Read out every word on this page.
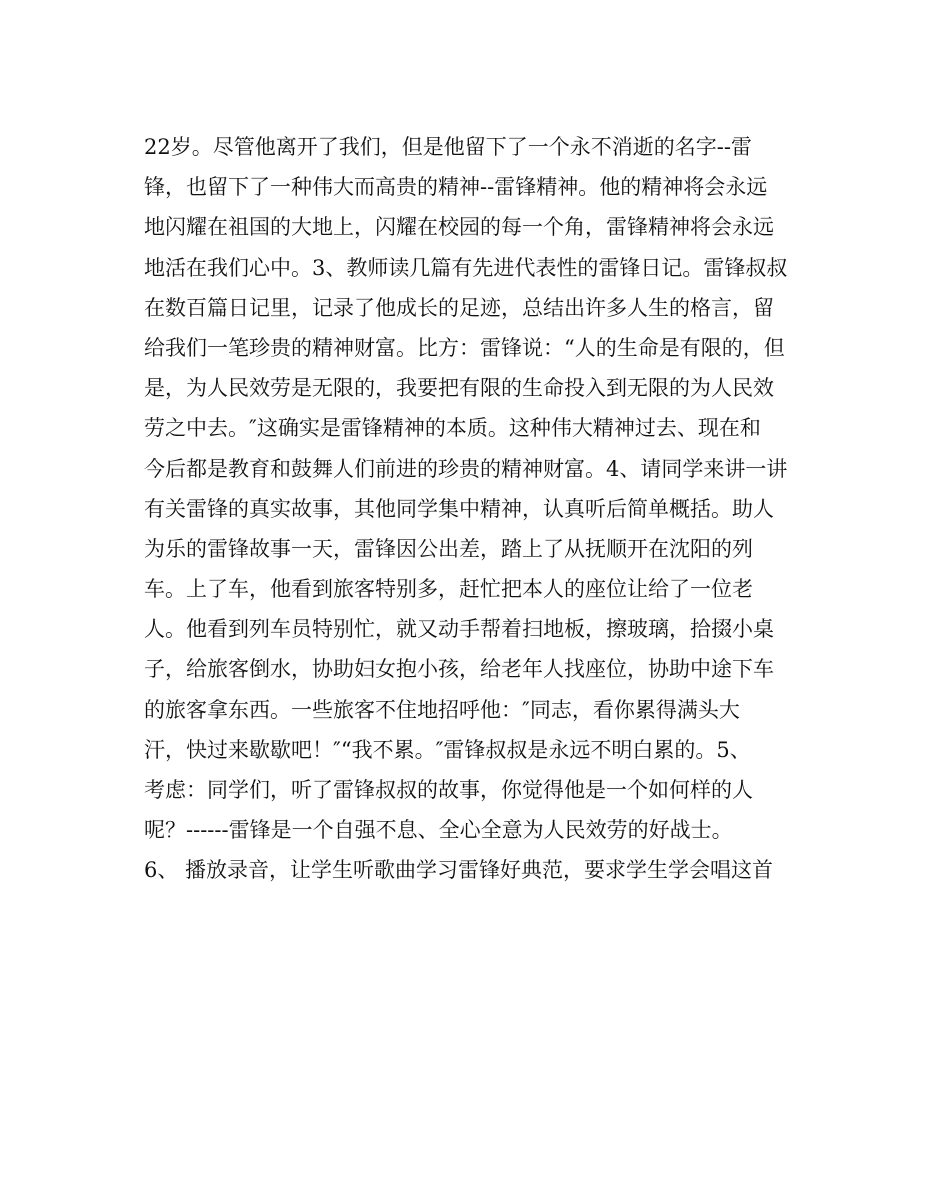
22岁。尽管他离开了我们，但是他留下了一个永不消逝的名字--雷
锋，也留下了一种伟大而高贵的精神--雷锋精神。他的精神将会永远
地闪耀在祖国的大地上，闪耀在校园的每一个角，雷锋精神将会永远
地活在我们心中。3、教师读几篇有先进代表性的雷锋日记。雷锋叔叔
在数百篇日记里，记录了他成长的足迹，总结出许多人生的格言，留
给我们一笔珍贵的精神财富。比方：雷锋说：“人的生命是有限的，但
是，为人民效劳是无限的，我要把有限的生命投入到无限的为人民效
劳之中去。″这确实是雷锋精神的本质。这种伟大精神过去、现在和
今后都是教育和鼓舞人们前进的珍贵的精神财富。4、请同学来讲一讲
有关雷锋的真实故事，其他同学集中精神，认真听后简单概括。助人
为乐的雷锋故事一天，雷锋因公出差，踏上了从抚顺开在沈阳的列
车。上了车，他看到旅客特别多，赶忙把本人的座位让给了一位老
人。他看到列车员特别忙，就又动手帮着扫地板，擦玻璃，拾掇小桌
子，给旅客倒水，协助妇女抱小孩，给老年人找座位，协助中途下车
的旅客拿东西。一些旅客不住地招呼他：″同志，看你累得满头大
汗，快过来歇歇吧！″“我不累。″雷锋叔叔是永远不明白累的。5、
考虑：同学们，听了雷锋叔叔的故事，你觉得他是一个如何样的人
呢？------雷锋是一个自强不息、全心全意为人民效劳的好战士。
6、 播放录音，让学生听歌曲学习雷锋好典范，要求学生学会唱这首
